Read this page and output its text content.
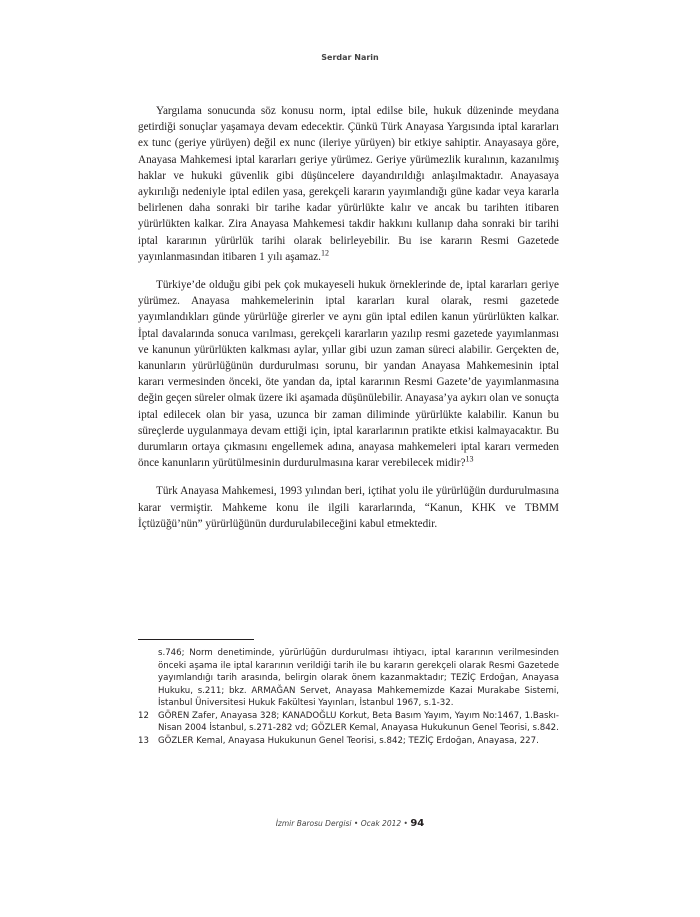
Serdar Narin

Yargılama sonucunda söz konusu norm, iptal edilse bile, hukuk düzeninde meydana getirdiği sonuçlar yaşamaya devam edecektir. Çünkü Türk Anayasa Yargısında iptal kararları ex tunc (geriye yürüyen) değil ex nunc (ileriye yürüyen) bir etkiye sahiptir. Anayasaya göre, Anayasa Mahkemesi iptal kararları geriye yürümez. Geriye yürümezlik kuralının, kazanılmış haklar ve hukuki güvenlik gibi düşüncelere dayandırıldığı anlaşılmaktadır. Anayasaya aykırılığı nedeniyle iptal edilen yasa, gerekçeli kararın yayımlandığı güne kadar veya kararla belirlenen daha sonraki bir tarihe kadar yürürlükte kalır ve ancak bu tarihten itibaren yürürlükten kalkar. Zira Anayasa Mahkemesi takdir hakkını kullanıp daha sonraki bir tarihi iptal kararının yürürlük tarihi olarak belirleyebilir. Bu ise kararın Resmi Gazetede yayınlanmasından itibaren 1 yılı aşamaz.$^{12}$

Türkiye’de olduğu gibi pek çok mukayeseli hukuk örneklerinde de, iptal kararları geriye yürümez. Anayasa mahkemelerinin iptal kararları kural olarak, resmi gazetede yayımlandıkları günde yürürlüğe girerler ve aynı gün iptal edilen kanun yürürlükten kalkar. İptal davalarında sonuca varılması, gerekçeli kararların yazılıp resmi gazetede yayımlanması ve kanunun yürürlükten kalkması aylar, yıllar gibi uzun zaman süreci alabilir. Gerçekten de, kanunların yürürlüğünün durdurulması sorunu, bir yandan Anayasa Mahkemesinin iptal kararı vermesinden önceki, öte yandan da, iptal kararının Resmi Gazete’de yayımlanmasına değin geçen süreler olmak üzere iki aşamada düşünülebilir. Anayasa’ya aykırı olan ve sonuçta iptal edilecek olan bir yasa, uzunca bir zaman diliminde yürürlükte kalabilir. Kanun bu süreçlerde uygulanmaya devam ettiği için, iptal kararlarının pratikte etkisi kalmayacaktır. Bu durumların ortaya çıkmasını engellemek adına, anayasa mahkemeleri iptal kararı vermeden önce kanunların yürütülmesinin durdurulmasına karar verebilecek midir?$^{13}$

Türk Anayasa Mahkemesi, 1993 yılından beri, içtihat yolu ile yürürlüğün durdurulmasına karar vermiştir. Mahkeme konu ile ilgili kararlarında, “Kanun, KHK ve TBMM İçtüzüğü’nün” yürürlüğünün durdurulabileceğini kabul etmektedir.

s.746; Norm denetiminde, yürürlüğün durdurulması ihtiyacı, iptal kararının verilmesinden önceki aşama ile iptal kararının verildiği tarih ile bu kararın gerekçeli olarak Resmi Gazetede yayımlandığı tarih arasında, belirgin olarak önem kazanmaktadır; TEZİÇ Erdoğan, Anayasa Hukuku, s.211; bkz. ARMAĞAN Servet, Anayasa Mahkememizde Kazai Murakabe Sistemi, İstanbul Üniversitesi Hukuk Fakültesi Yayınları, İstanbul 1967, s.1-32.
12	GÖREN Zafer, Anayasa 328; KANADOĞLU Korkut, Beta Basım Yayım, Yayım No:1467, 1.Baskı-Nisan 2004 İstanbul, s.271-282 vd; GÖZLER Kemal, Anayasa Hukukunun Genel Teorisi, s.842.
13	GÖZLER Kemal, Anayasa Hukukunun Genel Teorisi, s.842; TEZİÇ Erdoğan, Anayasa, 227.
İzmir Barosu Dergisi • Ocak 2012 • 94
